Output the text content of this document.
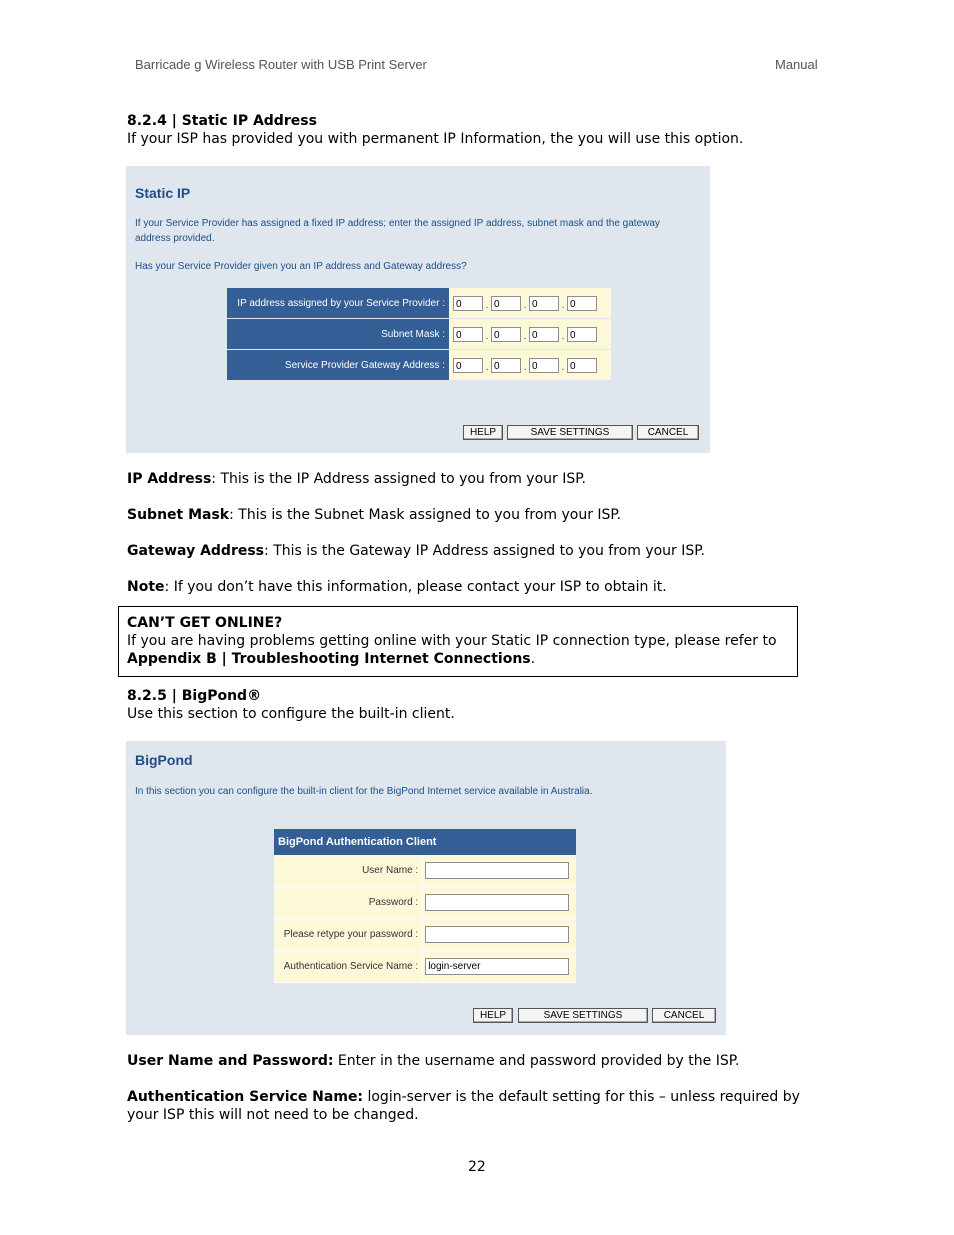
Barricade g Wireless Router with USB Print Server	Manual
8.2.4 | Static IP Address
If your ISP has provided you with permanent IP Information, the you will use this option.
Static IP
If your Service Provider has assigned a fixed IP address; enter the assigned IP address, subnet mask and the gateway address provided.
Has your Service Provider given you an IP address and Gateway address?
IP address assigned by your Service Provider :	0 . 0 . 0 . 0
Subnet Mask :	0 . 0 . 0 . 0
Service Provider Gateway Address :	0 . 0 . 0 . 0
HELP	SAVE SETTINGS	CANCEL
IP Address: This is the IP Address assigned to you from your ISP.
Subnet Mask: This is the Subnet Mask assigned to you from your ISP.
Gateway Address: This is the Gateway IP Address assigned to you from your ISP.
Note: If you don’t have this information, please contact your ISP to obtain it.
CAN’T GET ONLINE?
If you are having problems getting online with your Static IP connection type, please refer to
Appendix B | Troubleshooting Internet Connections.
8.2.5 | BigPond®
Use this section to configure the built-in client.
BigPond
In this section you can configure the built-in client for the BigPond Internet service available in Australia.
BigPond Authentication Client	
User Name :	

Password :	

Please retype your password :	

Authentication Service Name :	login-server
HELP	SAVE SETTINGS	CANCEL
User Name and Password: Enter in the username and password provided by the ISP.
Authentication Service Name: login-server is the default setting for this – unless required by your ISP this will not need to be changed.
22
